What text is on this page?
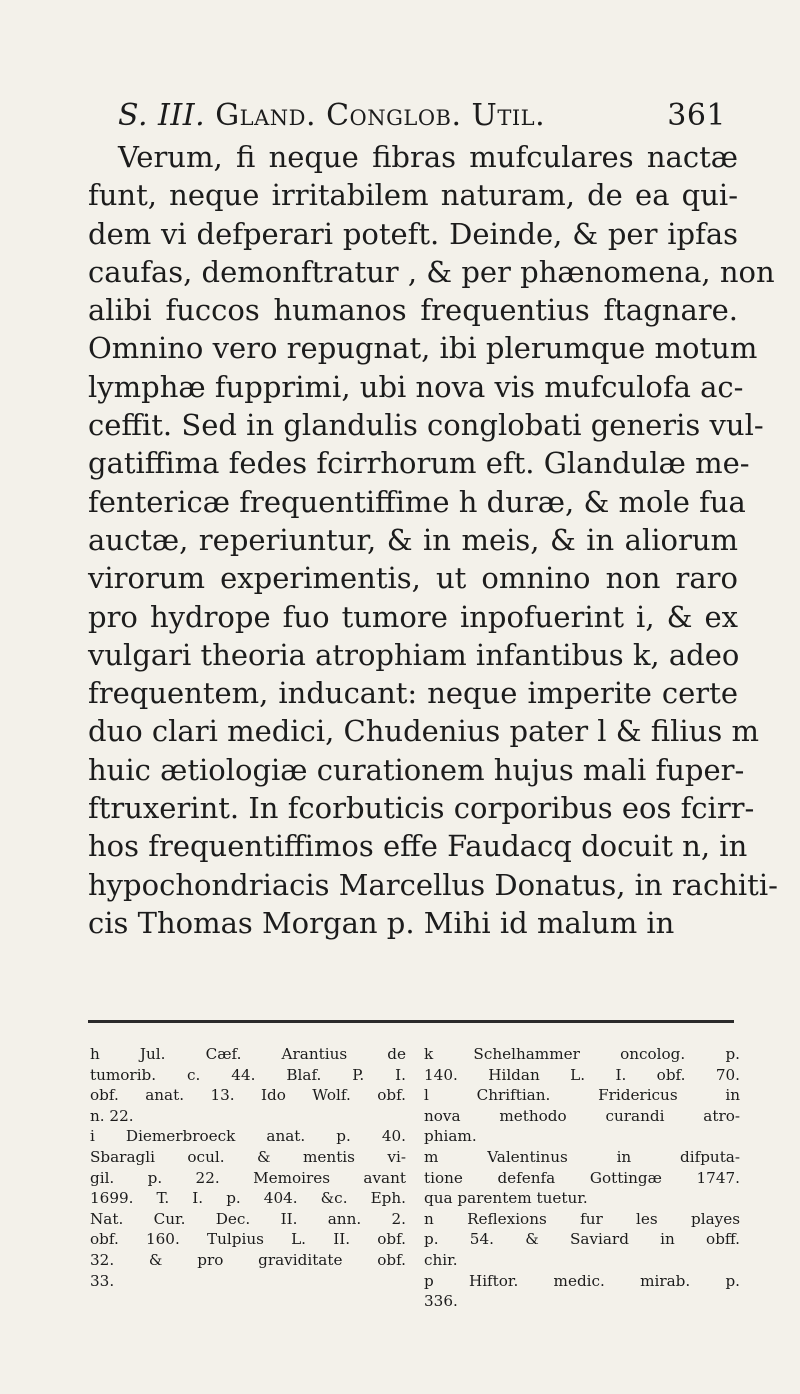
S. III. Gland. Conglob. Util.	361
Verum, fi neque fibras mufculares nactæ
funt, neque irritabilem naturam, de ea qui-
dem vi defperari poteft. Deinde, & per ipfas
caufas, demonftratur , & per phænomena, non
alibi fuccos humanos frequentius ftagnare.
Omnino vero repugnat, ibi plerumque motum
lymphæ fupprimi, ubi nova vis mufculofa ac-
ceffit. Sed in glandulis conglobati generis vul-
gatiffima fedes fcirrhorum eft. Glandulæ me-
fentericæ frequentiffime h duræ, & mole fua
auctæ, reperiuntur, & in meis, & in aliorum
virorum experimentis, ut omnino non raro
pro hydrope fuo tumore inpofuerint i, & ex
vulgari theoria atrophiam infantibus k, adeo
frequentem, inducant: neque imperite certe
duo clari medici, Chudenius pater l & filius m
huic ætiologiæ curationem hujus mali fuper-
ftruxerint. In fcorbuticis corporibus eos fcirr-
hos frequentiffimos effe Faudacq docuit n, in
hypochondriacis Marcellus Donatus, in rachiti-
cis Thomas Morgan p. Mihi id malum in
h Jul. Cæf. Arantius de
tumorib. c. 44. Blaf. P. I.
obf. anat. 13. Ido Wolf. obf.
n. 22.
i Diemerbroeck anat. p. 40.
Sbaragli ocul. & mentis vi-
gil. p. 22. Memoires avant
1699. T. I. p. 404. &c. Eph.
Nat. Cur. Dec. II. ann. 2.
obf. 160. Tulpius L. II. obf.
32. & pro graviditate obf.
33.
k Schelhammer oncolog. p.
140. Hildan L. I. obf. 70.
l Chriftian. Fridericus in
nova methodo curandi atro-
phiam.
m Valentinus in difputa-
tione defenfa Gottingæ 1747.
qua parentem tuetur.
n Reflexions fur les playes
p. 54. & Saviard in obff.
chir.
p Hiftor. medic. mirab. p.
336.
